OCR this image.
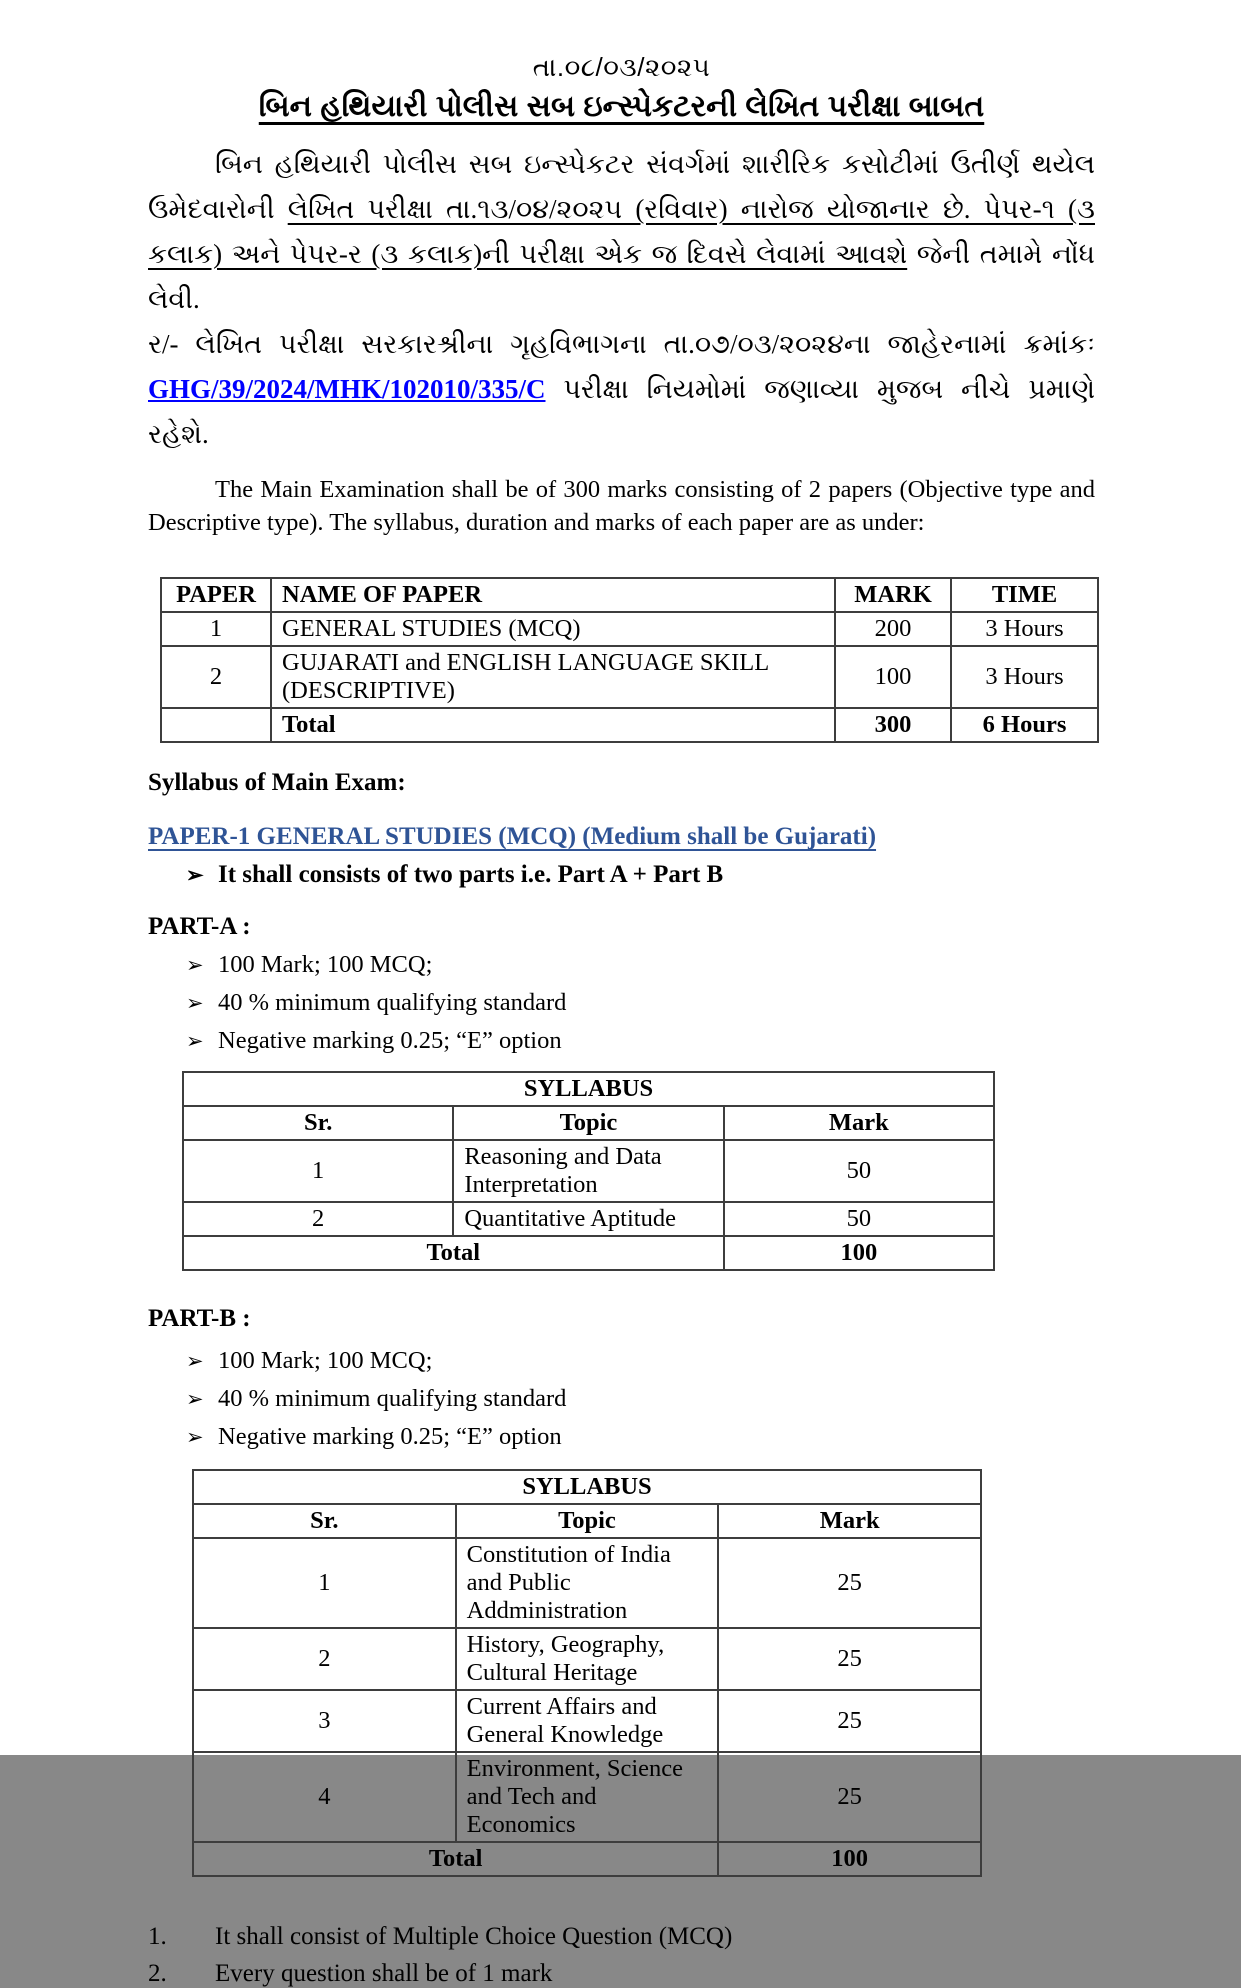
તા.૦૮/૦૩/૨૦૨૫
બિન હથિયારી પોલીસ સબ ઇન્સ્પેકટરની લેખિત પરીક્ષા બાબત
બિન હથિયારી પોલીસ સબ ઇન્સ્પેકટર સંવર્ગમાં શારીરિક કસોટીમાં ઉતીર્ણ થયેલ ઉમેદવારોની લેખિત પરીક્ષા તા.૧૩/૦૪/૨૦૨૫ (રવિવાર) નારોજ યોજાનાર છે. પેપર-૧ (૩ કલાક) અને પેપર-ર (૩ કલાક)ની પરીક્ષા એક જ દિવસે લેવામાં આવશે જેની તમામે નોંધ લેવી.
ર/- લેખિત પરીક્ષા સરકારશ્રીના ગૃહવિભાગના તા.૦૭/૦૩/૨૦૨૪ના જાહેરનામાં ક્રમાંકઃ GHG/39/2024/MHK/102010/335/C પરીક્ષા નિયમોમાં જણાવ્યા મુજબ નીચે પ્રમાણે રહેશે.
The Main Examination shall be of 300 marks consisting of 2 papers (Objective type and Descriptive type). The syllabus, duration and marks of each paper are as under:
PAPER	NAME OF PAPER	MARK	TIME
1	GENERAL STUDIES (MCQ)	200	3 Hours
2	GUJARATI and ENGLISH LANGUAGE SKILL (DESCRIPTIVE)	100	3 Hours
	Total	300	6 Hours
Syllabus of Main Exam:
PAPER-1 GENERAL STUDIES (MCQ) (Medium shall be Gujarati)
➢ It shall consists of two parts i.e. Part A + Part B
PART-A :
➢ 100 Mark; 100 MCQ;
➢ 40 % minimum qualifying standard
➢ Negative marking 0.25; “E” option
SYLLABUS		
Sr.	Topic	Mark
1	Reasoning and Data Interpretation	50
2	Quantitative Aptitude	50
Total		100
PART-B :
➢ 100 Mark; 100 MCQ;
➢ 40 % minimum qualifying standard
➢ Negative marking 0.25; “E” option
SYLLABUS		
Sr.	Topic	Mark
1	Constitution of India and Public Addministration	25
2	History, Geography, Cultural Heritage	25
3	Current Affairs and General Knowledge	25
4	Environment, Science and Tech and Economics	25
Total		100
1.	It shall consist of Multiple Choice Question (MCQ)
2.	Every question shall be of 1 mark
